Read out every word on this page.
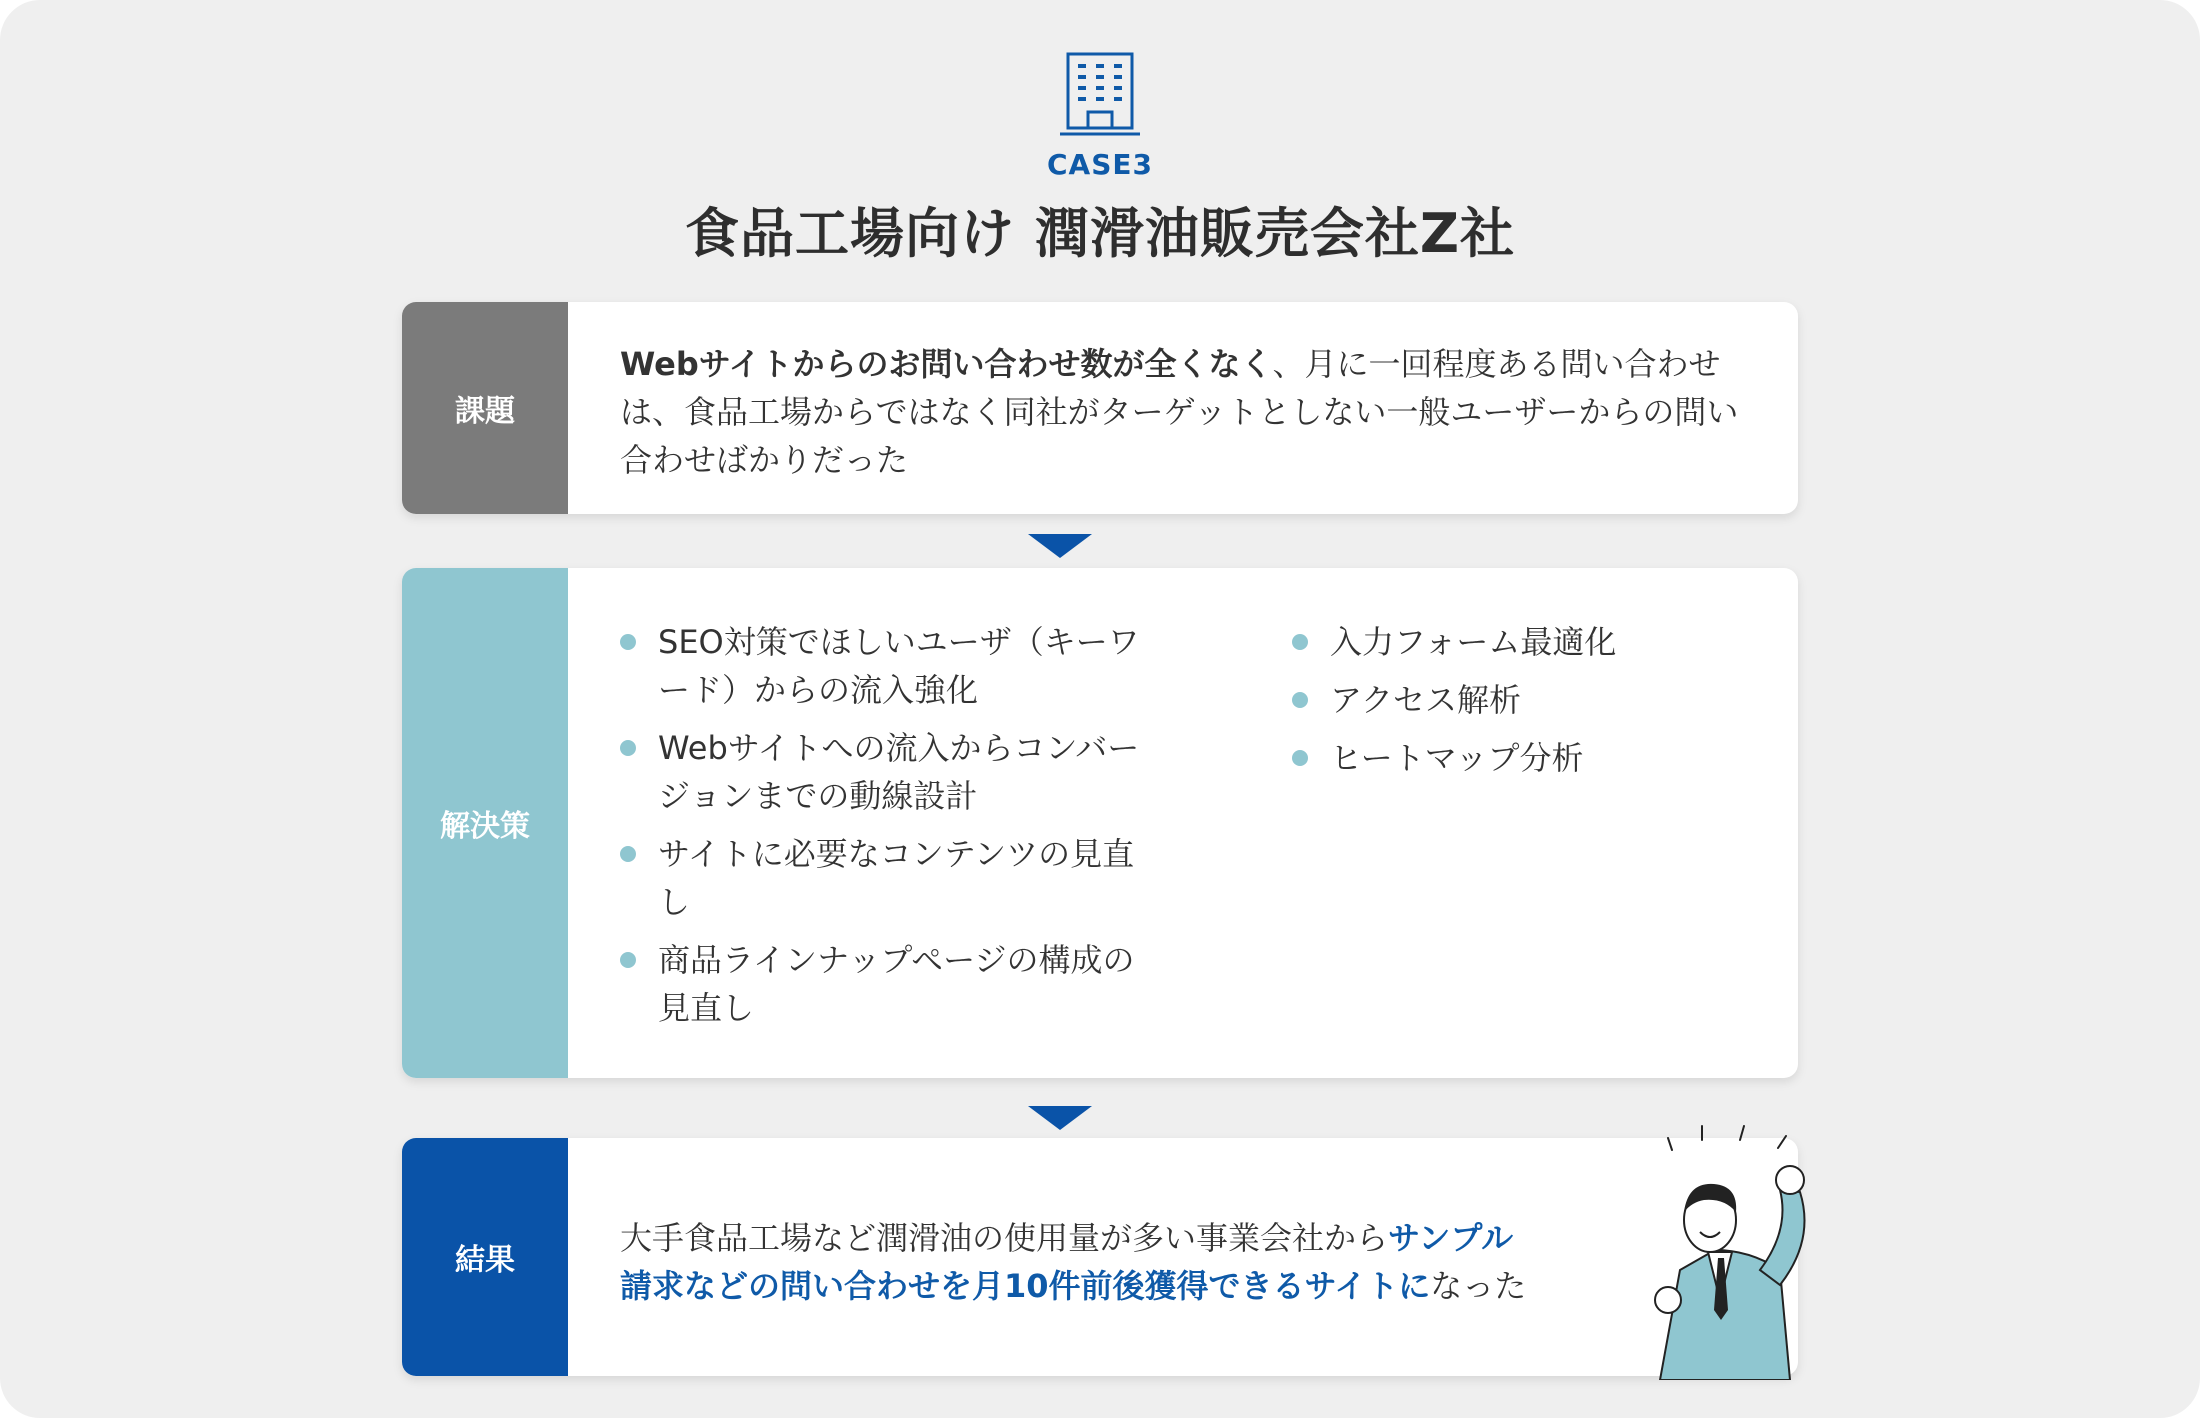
CASE3
食品工場向け 潤滑油販売会社Z社
課題
Webサイトからのお問い合わせ数が全くなく、月に一回程度ある問い合わせ
は、食品工場からではなく同社がターゲットとしない一般ユーザーからの問い
合わせばかりだった
解決策
SEO対策でほしいユーザ（キーワ
ード）からの流入強化
Webサイトへの流入からコンバー
ジョンまでの動線設計
サイトに必要なコンテンツの見直
し
商品ラインナップページの構成の
見直し
入力フォーム最適化
アクセス解析
ヒートマップ分析
結果
大手食品工場など潤滑油の使用量が多い事業会社からサンプル
請求などの問い合わせを月10件前後獲得できるサイトになった
